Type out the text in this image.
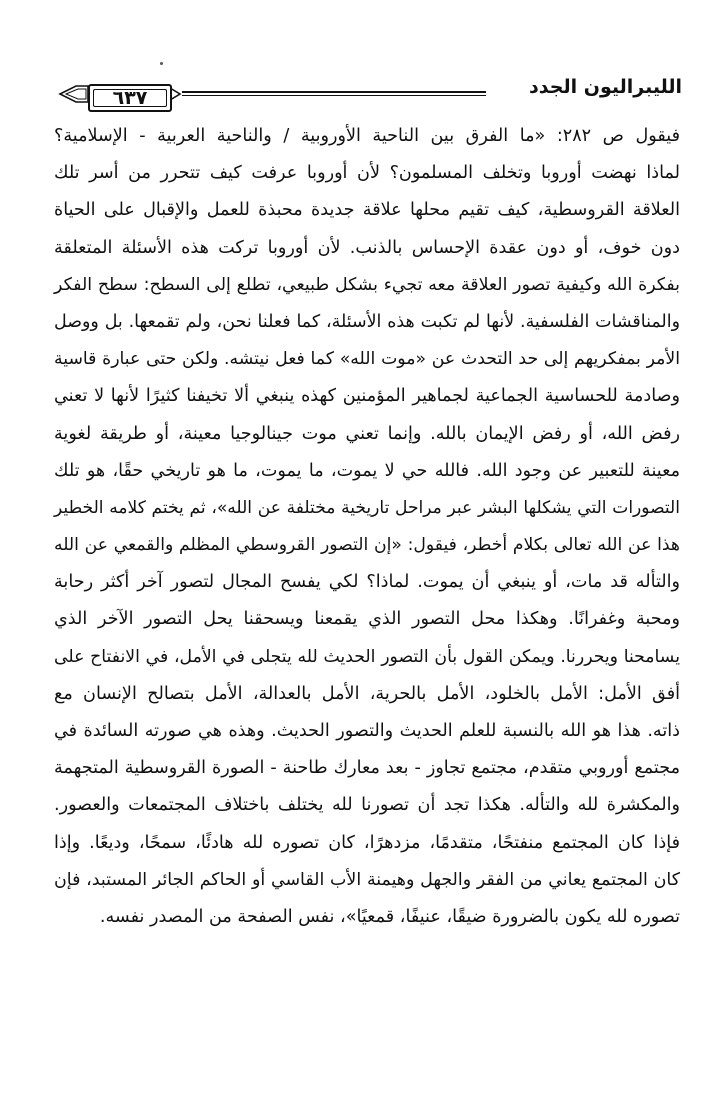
٦٣٧	الليبراليون الجدد
فيقول ص ٢٨٢: «ما الفرق بين الناحية الأوروبية / والناحية العربية - الإسلامية؟
لماذا نهضت أوروبا وتخلف المسلمون؟ لأن أوروبا عرفت كيف تتحرر من أسر تلك
العلاقة القروسطية، كيف تقيم محلها علاقة جديدة محبذة للعمل والإقبال على الحياة
دون خوف، أو دون عقدة الإحساس بالذنب. لأن أوروبا تركت هذه الأسئلة المتعلقة
بفكرة الله وكيفية تصور العلاقة معه تجيء بشكل طبيعي، تطلع إلى السطح: سطح الفكر
والمناقشات الفلسفية. لأنها لم تكبت هذه الأسئلة، كما فعلنا نحن، ولم تقمعها. بل ووصل
الأمر بمفكريهم إلى حد التحدث عن «موت الله» كما فعل نيتشه. ولكن حتى عبارة قاسية
وصادمة للحساسية الجماعية لجماهير المؤمنين كهذه ينبغي ألا تخيفنا كثيرًا لأنها لا تعني
رفض الله، أو رفض الإيمان بالله. وإنما تعني موت جينالوجيا معينة، أو طريقة لغوية
معينة للتعبير عن وجود الله. فالله حي لا يموت، ما يموت، ما هو تاريخي حقًا، هو تلك
التصورات التي يشكلها البشر عبر مراحل تاريخية مختلفة عن الله»، ثم يختم كلامه الخطير
هذا عن الله تعالى بكلام أخطر، فيقول: «إن التصور القروسطي المظلم والقمعي عن الله
والتأله قد مات، أو ينبغي أن يموت. لماذا؟ لكي يفسح المجال لتصور آخر أكثر رحابة
ومحبة وغفرانًا. وهكذا محل التصور الذي يقمعنا ويسحقنا يحل التصور الآخر الذي
يسامحنا ويحررنا. ويمكن القول بأن التصور الحديث لله يتجلى في الأمل، في الانفتاح على
أفق الأمل: الأمل بالخلود، الأمل بالحرية، الأمل بالعدالة، الأمل بتصالح الإنسان مع
ذاته. هذا هو الله بالنسبة للعلم الحديث والتصور الحديث. وهذه هي صورته السائدة في
مجتمع أوروبي متقدم، مجتمع تجاوز - بعد معارك طاحنة - الصورة القروسطية المتجهمة
والمكشرة لله والتأله. هكذا تجد أن تصورنا لله يختلف باختلاف المجتمعات والعصور.
فإذا كان المجتمع منفتحًا، متقدمًا، مزدهرًا، كان تصوره لله هادئًا، سمحًا، وديعًا. وإذا
كان المجتمع يعاني من الفقر والجهل وهيمنة الأب القاسي أو الحاكم الجائر المستبد، فإن
تصوره لله يكون بالضرورة ضيقًا، عنيفًا، قمعيًا»، نفس الصفحة من المصدر نفسه.
